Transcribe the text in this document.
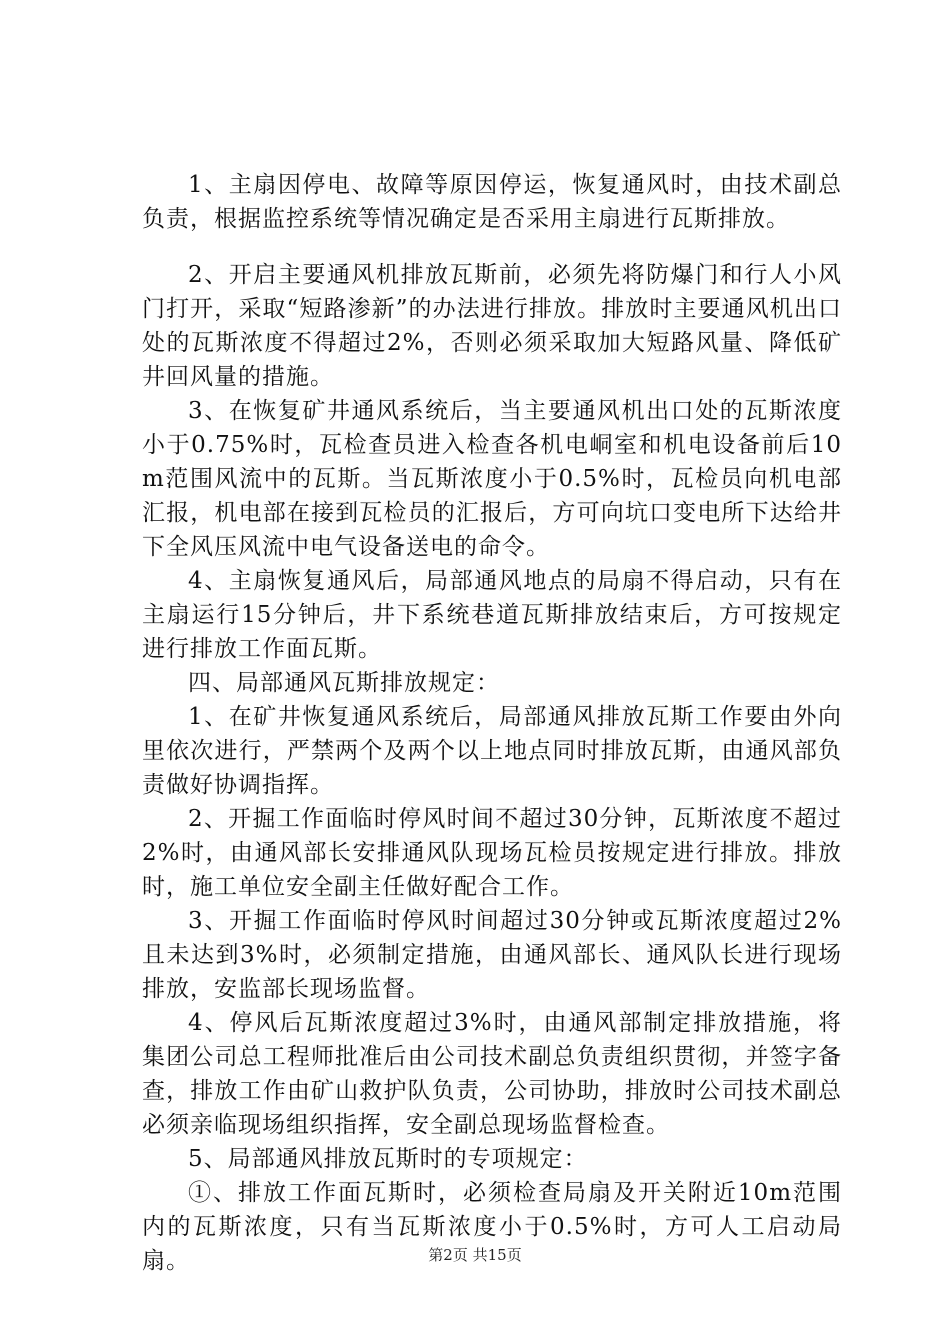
1、主扇因停电、故障等原因停运，恢复通风时，由技术副总负责，根据监控系统等情况确定是否采用主扇进行瓦斯排放。

2、开启主要通风机排放瓦斯前，必须先将防爆门和行人小风门打开，采取“短路渗新”的办法进行排放。排放时主要通风机出口处的瓦斯浓度不得超过2%，否则必须采取加大短路风量、降低矿井回风量的措施。

3、在恢复矿井通风系统后，当主要通风机出口处的瓦斯浓度小于0.75%时，瓦检查员进入检查各机电峒室和机电设备前后10m范围风流中的瓦斯。当瓦斯浓度小于0.5%时，瓦检员向机电部汇报，机电部在接到瓦检员的汇报后，方可向坑口变电所下达给井下全风压风流中电气设备送电的命令。

4、主扇恢复通风后，局部通风地点的局扇不得启动，只有在主扇运行15分钟后，井下系统巷道瓦斯排放结束后，方可按规定进行排放工作面瓦斯。

四、局部通风瓦斯排放规定：

1、在矿井恢复通风系统后，局部通风排放瓦斯工作要由外向里依次进行，严禁两个及两个以上地点同时排放瓦斯，由通风部负责做好协调指挥。

2、开掘工作面临时停风时间不超过30分钟，瓦斯浓度不超过2%时，由通风部长安排通风队现场瓦检员按规定进行排放。排放时，施工单位安全副主任做好配合工作。

3、开掘工作面临时停风时间超过30分钟或瓦斯浓度超过2%且未达到3%时，必须制定措施，由通风部长、通风队长进行现场排放，安监部长现场监督。

4、停风后瓦斯浓度超过3%时，由通风部制定排放措施，将集团公司总工程师批准后由公司技术副总负责组织贯彻，并签字备查，排放工作由矿山救护队负责，公司协助，排放时公司技术副总必须亲临现场组织指挥，安全副总现场监督检查。

5、局部通风排放瓦斯时的专项规定：

①、排放工作面瓦斯时，必须检查局扇及开关附近10m范围内的瓦斯浓度，只有当瓦斯浓度小于0.5%时，方可人工启动局扇。	第2页 共15页
